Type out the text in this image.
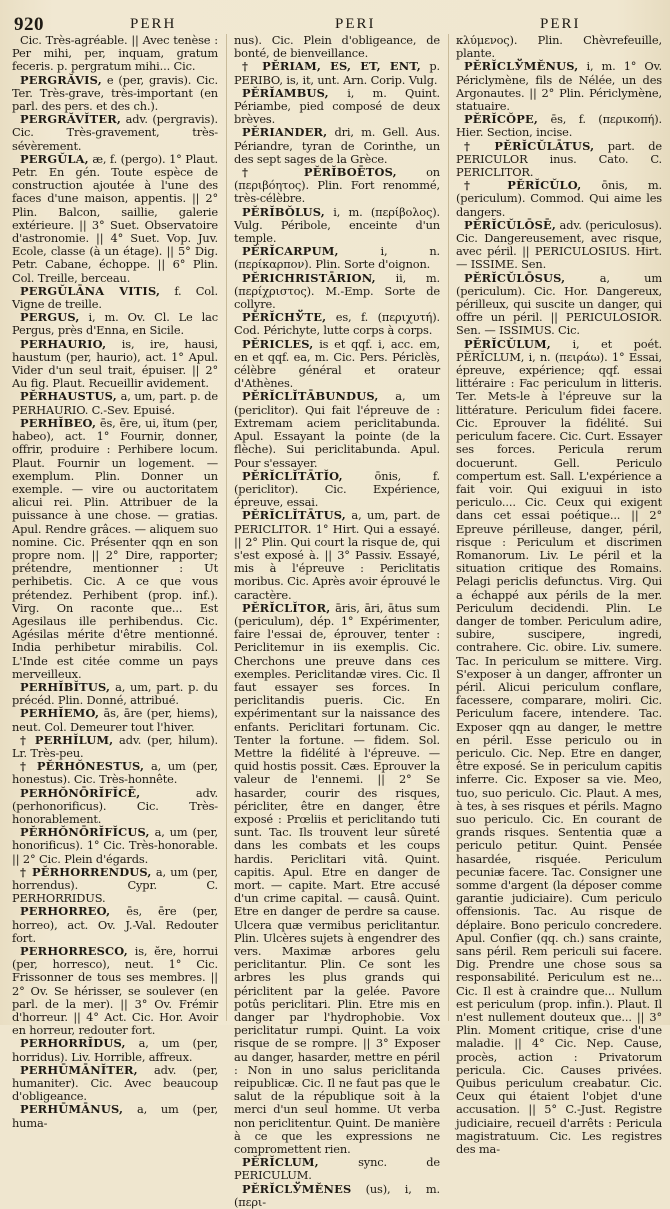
920	PERH	PERI	PERI

Cic. Très-agréable. || Avec tenèse : Per mihi, per, inquam, gratum feceris. p. pergratum mihi... Cic.

PERGRĂVIS, e (per, gravis). Cic. Ter. Très-grave, très-important (en parl. des pers. et des ch.).

PERGRĂVĬTER, adv. (pergravis). Cic. Très-gravement, très-sévèrement.

PERGŬLA, æ, f. (pergo). 1° Plaut. Petr. En gén. Toute espèce de construction ajoutée à l'une des faces d'une maison, appentis. || 2° Plin. Balcon, saillie, galerie extérieure. || 3° Suet. Observatoire d'astronomie. || 4° Suet. Vop. Juv. Ecole, classe (à un étage). || 5° Dig. Petr. Cabane, échoppe. || 6° Plin. Col. Treille, berceau.

PERGŬLĀNA VITIS, f. Col. Vigne de treille.

PERGUS, i, m. Ov. Cl. Le lac Pergus, près d'Enna, en Sicile.

PERHAURIO, is, ire, hausi, haustum (per, haurio), act. 1° Apul. Vider d'un seul trait, épuiser. || 2° Au fig. Plaut. Recueillir avidement.

PĔRHAUSTUS, a, um, part. p. de PERHAURIO. C.-Sev. Epuisé.

PERHĬBEO, ēs, ēre, ui, ĭtum (per, habeo), act. 1° Fournir, donner, offrir, produire : Perhibere locum. Plaut. Fournir un logement. — exemplum. Plin. Donner un exemple. — vire ou auctoritatem alicui rei. Plin. Attribuer de la puissance à une chose. — gratias. Apul. Rendre grâces. — aliquem suo nomine. Cic. Présenter qqn en son propre nom. || 2° Dire, rapporter; prétendre, mentionner : Ut perhibetis. Cic. A ce que vous prétendez. Perhibent (prop. inf.). Virg. On raconte que... Est Agesilaus ille perhibendus. Cic. Agésilas mérite d'être mentionné. India perhibetur mirabilis. Col. L'Inde est citée comme un pays merveilleux.

PERHĬBĬTUS, a, um, part. p. du précéd. Plin. Donné, attribué.

PERHĬEMO, ās, āre (per, hiems), neut. Col. Demeurer tout l'hiver.

† PERHĬLUM, adv. (per, hilum). Lr. Très-peu.

† PĔRHŎNESTUS, a, um (per, honestus). Cic. Très-honnête.

PERHŎNŌRĬFĬCĒ,	adv. (perhonorificus). Cic. Très-honorablement.

PĔRHŎNŌRĬFĬCUS, a, um (per, honorificus). 1° Cic. Très-honorable. || 2° Cic. Plein d'égards.

† PĔRHORRENDUS, a, um (per, horrendus). Cypr. C. PERHORRIDUS.

PERHORREO, ēs, ēre (per, horreo), act. Ov. J.-Val. Redouter fort.

PERHORRESCO, is, ĕre, horrui (per, horresco), neut. 1° Cic. Frissonner de tous ses membres. || 2° Ov. Se hérisser, se soulever (en parl. de la mer). || 3° Ov. Frémir d'horreur. || 4° Act. Cic. Hor. Avoir en horreur, redouter fort.

PERHORRĬDUS, a, um (per, horridus). Liv. Horrible, affreux.

PERHŪMĀNĬTER, adv. (per, humaniter). Cic. Avec beaucoup d'obligeance.

PERHŪMĀNUS, a, um (per, huma-

nus). Cic. Plein d'obligeance, de bonté, de bienveillance.

† PĔRIAM, ES, ET, ENT, p. PERIBO, is, it, unt. Arn. Corip. Vulg.

PĔRĬAMBUS, i, m. Quint. Périambe, pied composé de deux brèves.

PĔRIANDER, dri, m. Gell. Aus. Périandre, tyran de Corinthe, un des sept sages de la Grèce.

† PĔRĬBOĒTOS,	on (περιβόητος). Plin. Fort renommé, très-célèbre.

PĔRĬBŎLUS, i, m. (περίβολος). Vulg. Péribole, enceinte d'un temple.

PĔRĬCARPUM,	i, n. (περίκαρπον). Plin. Sorte d'oignon.

PĔRICHRISTĀRION, ii, m. (περίχριστος). M.-Emp. Sorte de collyre.

PĔRĬCHЎTE, es, f. (περιχυτή). Cod. Périchyte, lutte corps à corps.

PĔRICLES, is et qqf. i, acc. em, en et qqf. ea, m. Cic. Pers. Périclès, célèbre général et orateur d'Athènes.

PĔRĬCLĬTĀBUNDUS, a, um (periclitor). Qui fait l'épreuve de : Extremam aciem periclitabunda. Apul. Essayant la pointe (de la flèche). Sui periclitabunda. Apul. Pour s'essayer.

PĔRĬCLĬTĀTĬO,	ōnis, f. (periclitor). Cic. Expérience, épreuve, essai.

PĔRĬCLĬTĀTUS, a, um, part. de PERICLITOR. 1° Hirt. Qui a essayé. || 2° Plin. Qui court la risque de, qui s'est exposé à. || 3° Passiv. Essayé, mis à l'épreuve : Periclitatis moribus. Cic. Après avoir éprouvé le caractère.

PĔRĬCLĬTOR, āris, āri, ātus sum (periculum), dép. 1° Expérimenter, faire l'essai de, éprouver, tenter : Periclitemur in iis exemplis. Cic. Cherchons une preuve dans ces exemples. Periclitandæ vires. Cic. Il faut essayer ses forces. In periclitandis pueris. Cic. En expérimentant sur la naissance des enfants. Periclitari fortunam. Cic. Tenter la fortune. — fidem. Sol. Mettre la fidélité à l'épreuve. — quid hostis possit. Cæs. Eprouver la valeur de l'ennemi. || 2° Se hasarder, courir des risques, péricliter, être en danger, être exposé : Prœliis et periclitando tuti sunt. Tac. Ils trouvent leur sûreté dans les combats et les coups hardis. Periclitari vitâ. Quint. capitis. Apul. Etre en danger de mort. — capite. Mart. Etre accusé d'un crime capital. — causâ. Quint. Etre en danger de perdre sa cause. Ulcera quæ vermibus periclitantur. Plin. Ulcères sujets à engendrer des vers. Maximæ arbores gelu periclitantur. Plin. Ce sont les arbres les plus grands qui périclitent par la gelée. Pavore potûs periclitari. Plin. Etre mis en danger par l'hydrophobie. Vox periclitatur rumpi. Quint. La voix risque de se rompre. || 3° Exposer au danger, hasarder, mettre en péril : Non in uno salus periclitanda reipublicæ. Cic. Il ne faut pas que le salut de la république soit à la merci d'un seul homme. Ut verba non periclitentur. Quint. De manière à ce que les expressions ne compromettent rien.

PĔRĬCLUM,	sync. de PERICULUM.

PĔRĬCLЎMĔNES (us), i, m. (περι-

κλύμενος). Plin. Chèvrefeuille, plante.

PĔRĬCLЎMĔNUS, i, m. 1° Ov. Périclymène, fils de Nélée, un des Argonautes. || 2° Plin. Périclymène, statuaire.

PĔRĬCŎPE, ēs, f. (περικοπή). Hier. Section, incise.

† PĔRĬCŬLĀTUS, part. de PERICULOR inus. Cato. C. PERICLITOR.

† PĔRĬCŬLO, ōnis, m. (periculum). Commod. Qui aime les dangers.

PĔRĬCŬLŌSĒ, adv. (periculosus). Cic. Dangereusement, avec risque, avec péril. || PERICULOSIUS. Hirt. — ISSIME. Sen.

PĔRĬCŬLŌSUS,	a, um (periculum). Cic. Hor. Dangereux, périlleux, qui suscite un danger, qui offre un péril. || PERICULOSIOR. Sen. — ISSIMUS. Cic.

PĔRĬCŬLUM, i, et poét. PĔRĬCLUM, i, n. (πειράω). 1° Essai, épreuve, expérience; qqf. essai littéraire : Fac periculum in litteris. Ter. Mets-le à l'épreuve sur la littérature. Periculum fidei facere. Cic. Eprouver la fidélité. Sui periculum facere. Cic. Curt. Essayer ses forces. Pericula rerum docuerunt. Gell. Periculo compertum est. Sall. L'expérience a fait voir. Qui exiguui in isto periculo.... Cic. Ceux qui exigent dans cet essai poétique... || 2° Epreuve périlleuse, danger, péril, risque : Periculum et discrimen Romanorum. Liv. Le péril et la situation critique des Romains. Pelagi periclis defunctus. Virg. Qui a échappé aux périls de la mer. Periculum decidendi. Plin. Le danger de tomber. Periculum adire, subire, suscipere, ingredi, contrahere. Cic. obire. Liv. sumere. Tac. In periculum se mittere. Virg. S'exposer à un danger, affronter un péril. Alicui periculum conflare, facessere, comparare, moliri. Cic. Periculum facere, intendere. Tac. Exposer qqn au danger, le mettre en péril. Esse periculo ou in periculo. Cic. Nep. Etre en danger, être exposé. Se in periculum capitis inferre. Cic. Exposer sa vie. Meo, tuo, suo periculo. Cic. Plaut. A mes, à tes, à ses risques et périls. Magno suo periculo. Cic. En courant de grands risques. Sententia quæ a periculo petitur. Quint. Pensée hasardée, risquée. Periculum pecuniæ facere. Tac. Consigner une somme d'argent (la déposer comme garantie judiciaire). Cum periculo offensionis. Tac. Au risque de déplaire. Bono periculo concredere. Apul. Confier (qq. ch.) sans crainte, sans péril. Rem periculi sui facere. Dig. Prendre une chose sous sa responsabilité. Periculum est ne... Cic. Il est à craindre que... Nullum est periculum (prop. infin.). Plaut. Il n'est nullement douteux que... || 3° Plin. Moment critique, crise d'une maladie. || 4° Cic. Nep. Cause, procès, action : Privatorum pericula. Cic. Causes privées. Quibus periculum creabatur. Cic. Ceux qui étaient l'objet d'une accusation. || 5° C.-Just. Registre judiciaire, recueil d'arrêts : Pericula magistratuum. Cic. Les registres des ma-
